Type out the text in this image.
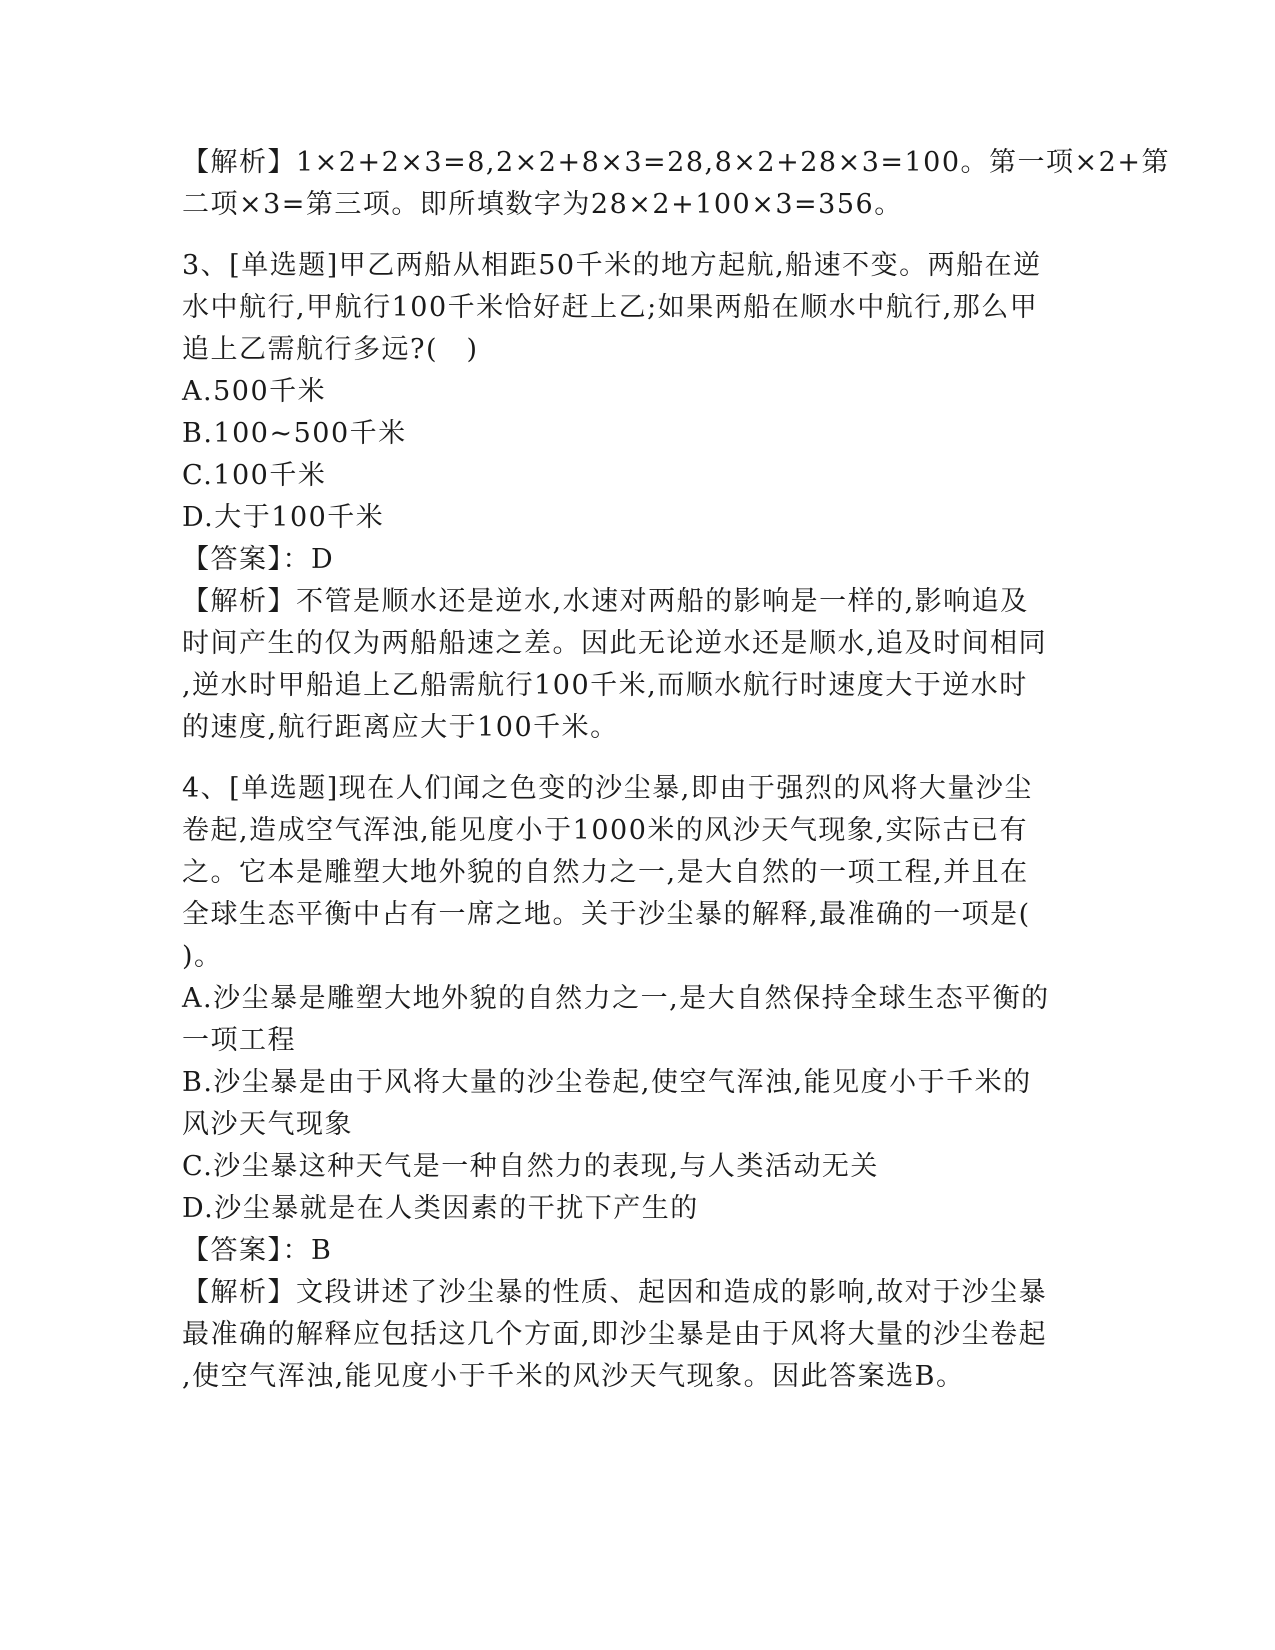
【解析】1×2+2×3=8,2×2+8×3=28,8×2+28×3=100。第一项×2+第
二项×3=第三项。即所填数字为28×2+100×3=356。
3、[单选题]甲乙两船从相距50千米的地方起航,船速不变。两船在逆
水中航行,甲航行100千米恰好赶上乙;如果两船在顺水中航行,那么甲
追上乙需航行多远?(　)
A.500千米
B.100~500千米
C.100千米
D.大于100千米
【答案】：D
【解析】不管是顺水还是逆水,水速对两船的影响是一样的,影响追及
时间产生的仅为两船船速之差。因此无论逆水还是顺水,追及时间相同
,逆水时甲船追上乙船需航行100千米,而顺水航行时速度大于逆水时
的速度,航行距离应大于100千米。
4、[单选题]现在人们闻之色变的沙尘暴,即由于强烈的风将大量沙尘
卷起,造成空气浑浊,能见度小于1000米的风沙天气现象,实际古已有
之。它本是雕塑大地外貌的自然力之一,是大自然的一项工程,并且在
全球生态平衡中占有一席之地。关于沙尘暴的解释,最准确的一项是(
)。
A.沙尘暴是雕塑大地外貌的自然力之一,是大自然保持全球生态平衡的
一项工程
B.沙尘暴是由于风将大量的沙尘卷起,使空气浑浊,能见度小于千米的
风沙天气现象
C.沙尘暴这种天气是一种自然力的表现,与人类活动无关
D.沙尘暴就是在人类因素的干扰下产生的
【答案】：B
【解析】文段讲述了沙尘暴的性质、起因和造成的影响,故对于沙尘暴
最准确的解释应包括这几个方面,即沙尘暴是由于风将大量的沙尘卷起
,使空气浑浊,能见度小于千米的风沙天气现象。因此答案选B。
